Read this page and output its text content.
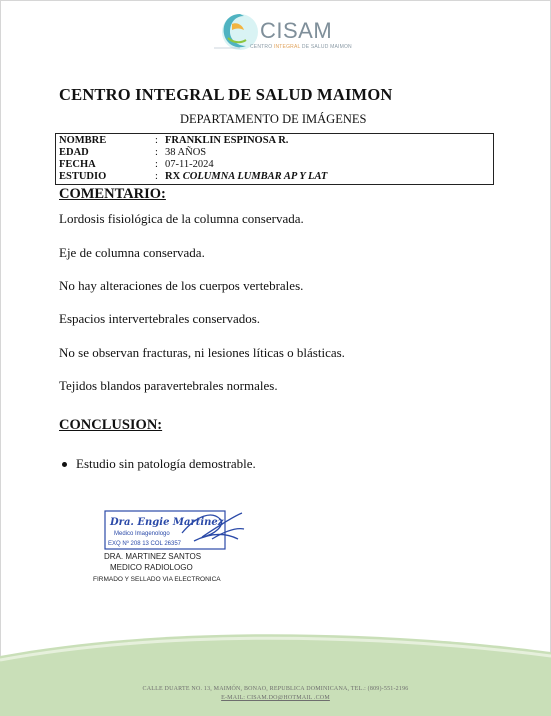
CISAM
CENTRO INTEGRAL DE SALUD MAIMON
CENTRO INTEGRAL DE SALUD MAIMON
DEPARTAMENTO DE IMÁGENES
NOMBRE	: FRANKLIN ESPINOSA R.
EDAD	: 38 AÑOS
FECHA	: 07-11-2024
ESTUDIO	: RX COLUMNA LUMBAR AP Y LAT
COMENTARIO:
Lordosis fisiológica de la columna conservada.
Eje de columna conservada.
No hay alteraciones de los cuerpos vertebrales.
Espacios intervertebrales conservados.
No se observan fracturas, ni lesiones líticas o blásticas.
Tejidos blandos paravertebrales normales.
CONCLUSION:
Estudio sin patología demostrable.
Dra. Engie Martinez
Medico Imagenologo
EXQ Nº 208 13 COL 26357
DRA. MARTINEZ SANTOS
MEDICO RADIOLOGO
FIRMADO Y SELLADO VIA ELECTRONICA
CALLE DUARTE NO. 13, MAIMÓN, BONAO, REPUBLICA DOMINICANA, TEL.: (809)-551-2196
E-MAIL: CISAM.DO@HOTMAIL .COM
